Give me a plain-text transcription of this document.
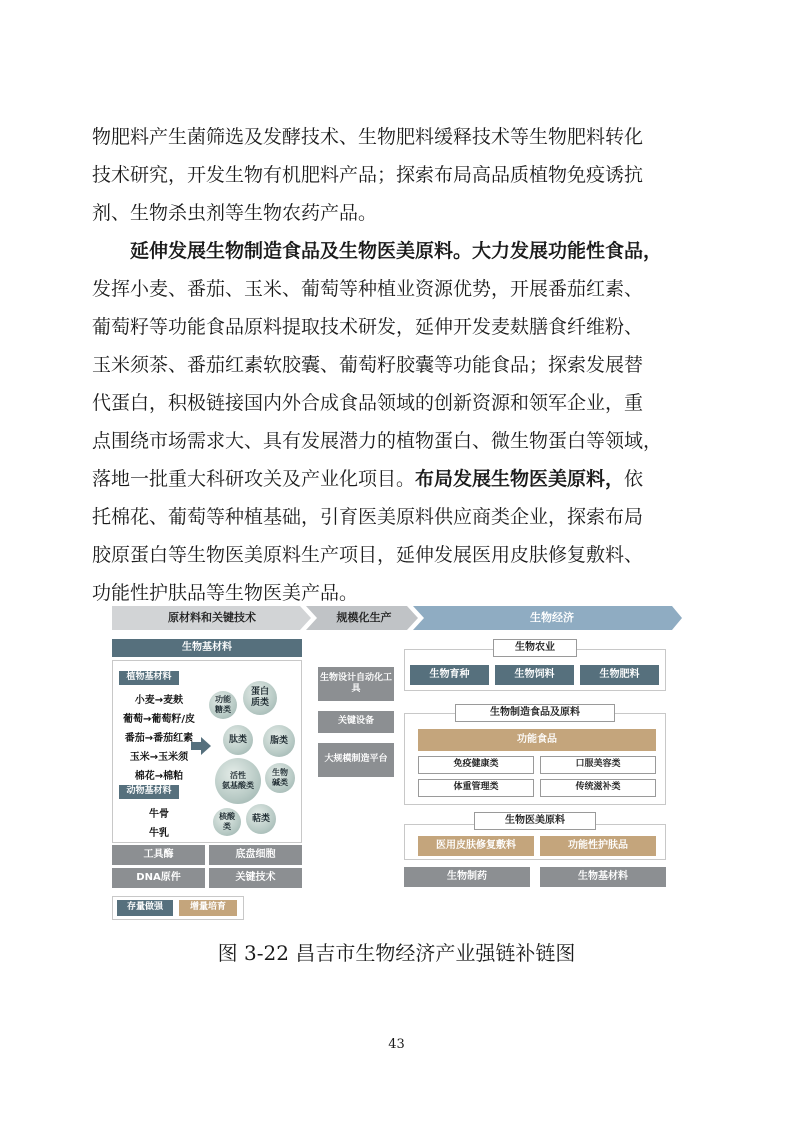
物肥料产生菌筛选及发酵技术、生物肥料缓释技术等生物肥料转化
技术研究，开发生物有机肥料产品；探索布局高品质植物免疫诱抗
剂、生物杀虫剂等生物农药产品。
延伸发展生物制造食品及生物医美原料。大力发展功能性食品，
发挥小麦、番茄、玉米、葡萄等种植业资源优势，开展番茄红素、
葡萄籽等功能食品原料提取技术研发，延伸开发麦麸膳食纤维粉、
玉米须茶、番茄红素软胶囊、葡萄籽胶囊等功能食品；探索发展替
代蛋白，积极链接国内外合成食品领域的创新资源和领军企业，重
点围绕市场需求大、具有发展潜力的植物蛋白、微生物蛋白等领域，
落地一批重大科研攻关及产业化项目。布局发展生物医美原料，依
托棉花、葡萄等种植基础，引育医美原料供应商类企业，探索布局
胶原蛋白等生物医美原料生产项目，延伸发展医用皮肤修复敷料、
功能性护肤品等生物医美产品。
原材料和关键技术	规模化生产	生物经济
生物基材料
植物基材料
小麦→麦麸
葡萄→葡萄籽/皮
番茄→番茄红素
玉米→玉米须
棉花→棉粕
动物基材料
牛骨
牛乳
功能
糖类
蛋白
质类
肽类	脂类
活性
氨基酸类
生物
碱类
核酸
类
萜类
工具酶	底盘细胞
DNA原件	关键技术
存量做强	增量培育
生物设计自动化工具
关键设备
大规模制造平台
生物农业
生物育种	生物饲料	生物肥料
生物制造食品及原料
功能食品
免疫健康类	口服美容类
体重管理类	传统滋补类
生物医美原料
医用皮肤修复敷料	功能性护肤品
生物制药	生物基材料
图 3-22 昌吉市生物经济产业强链补链图
43
